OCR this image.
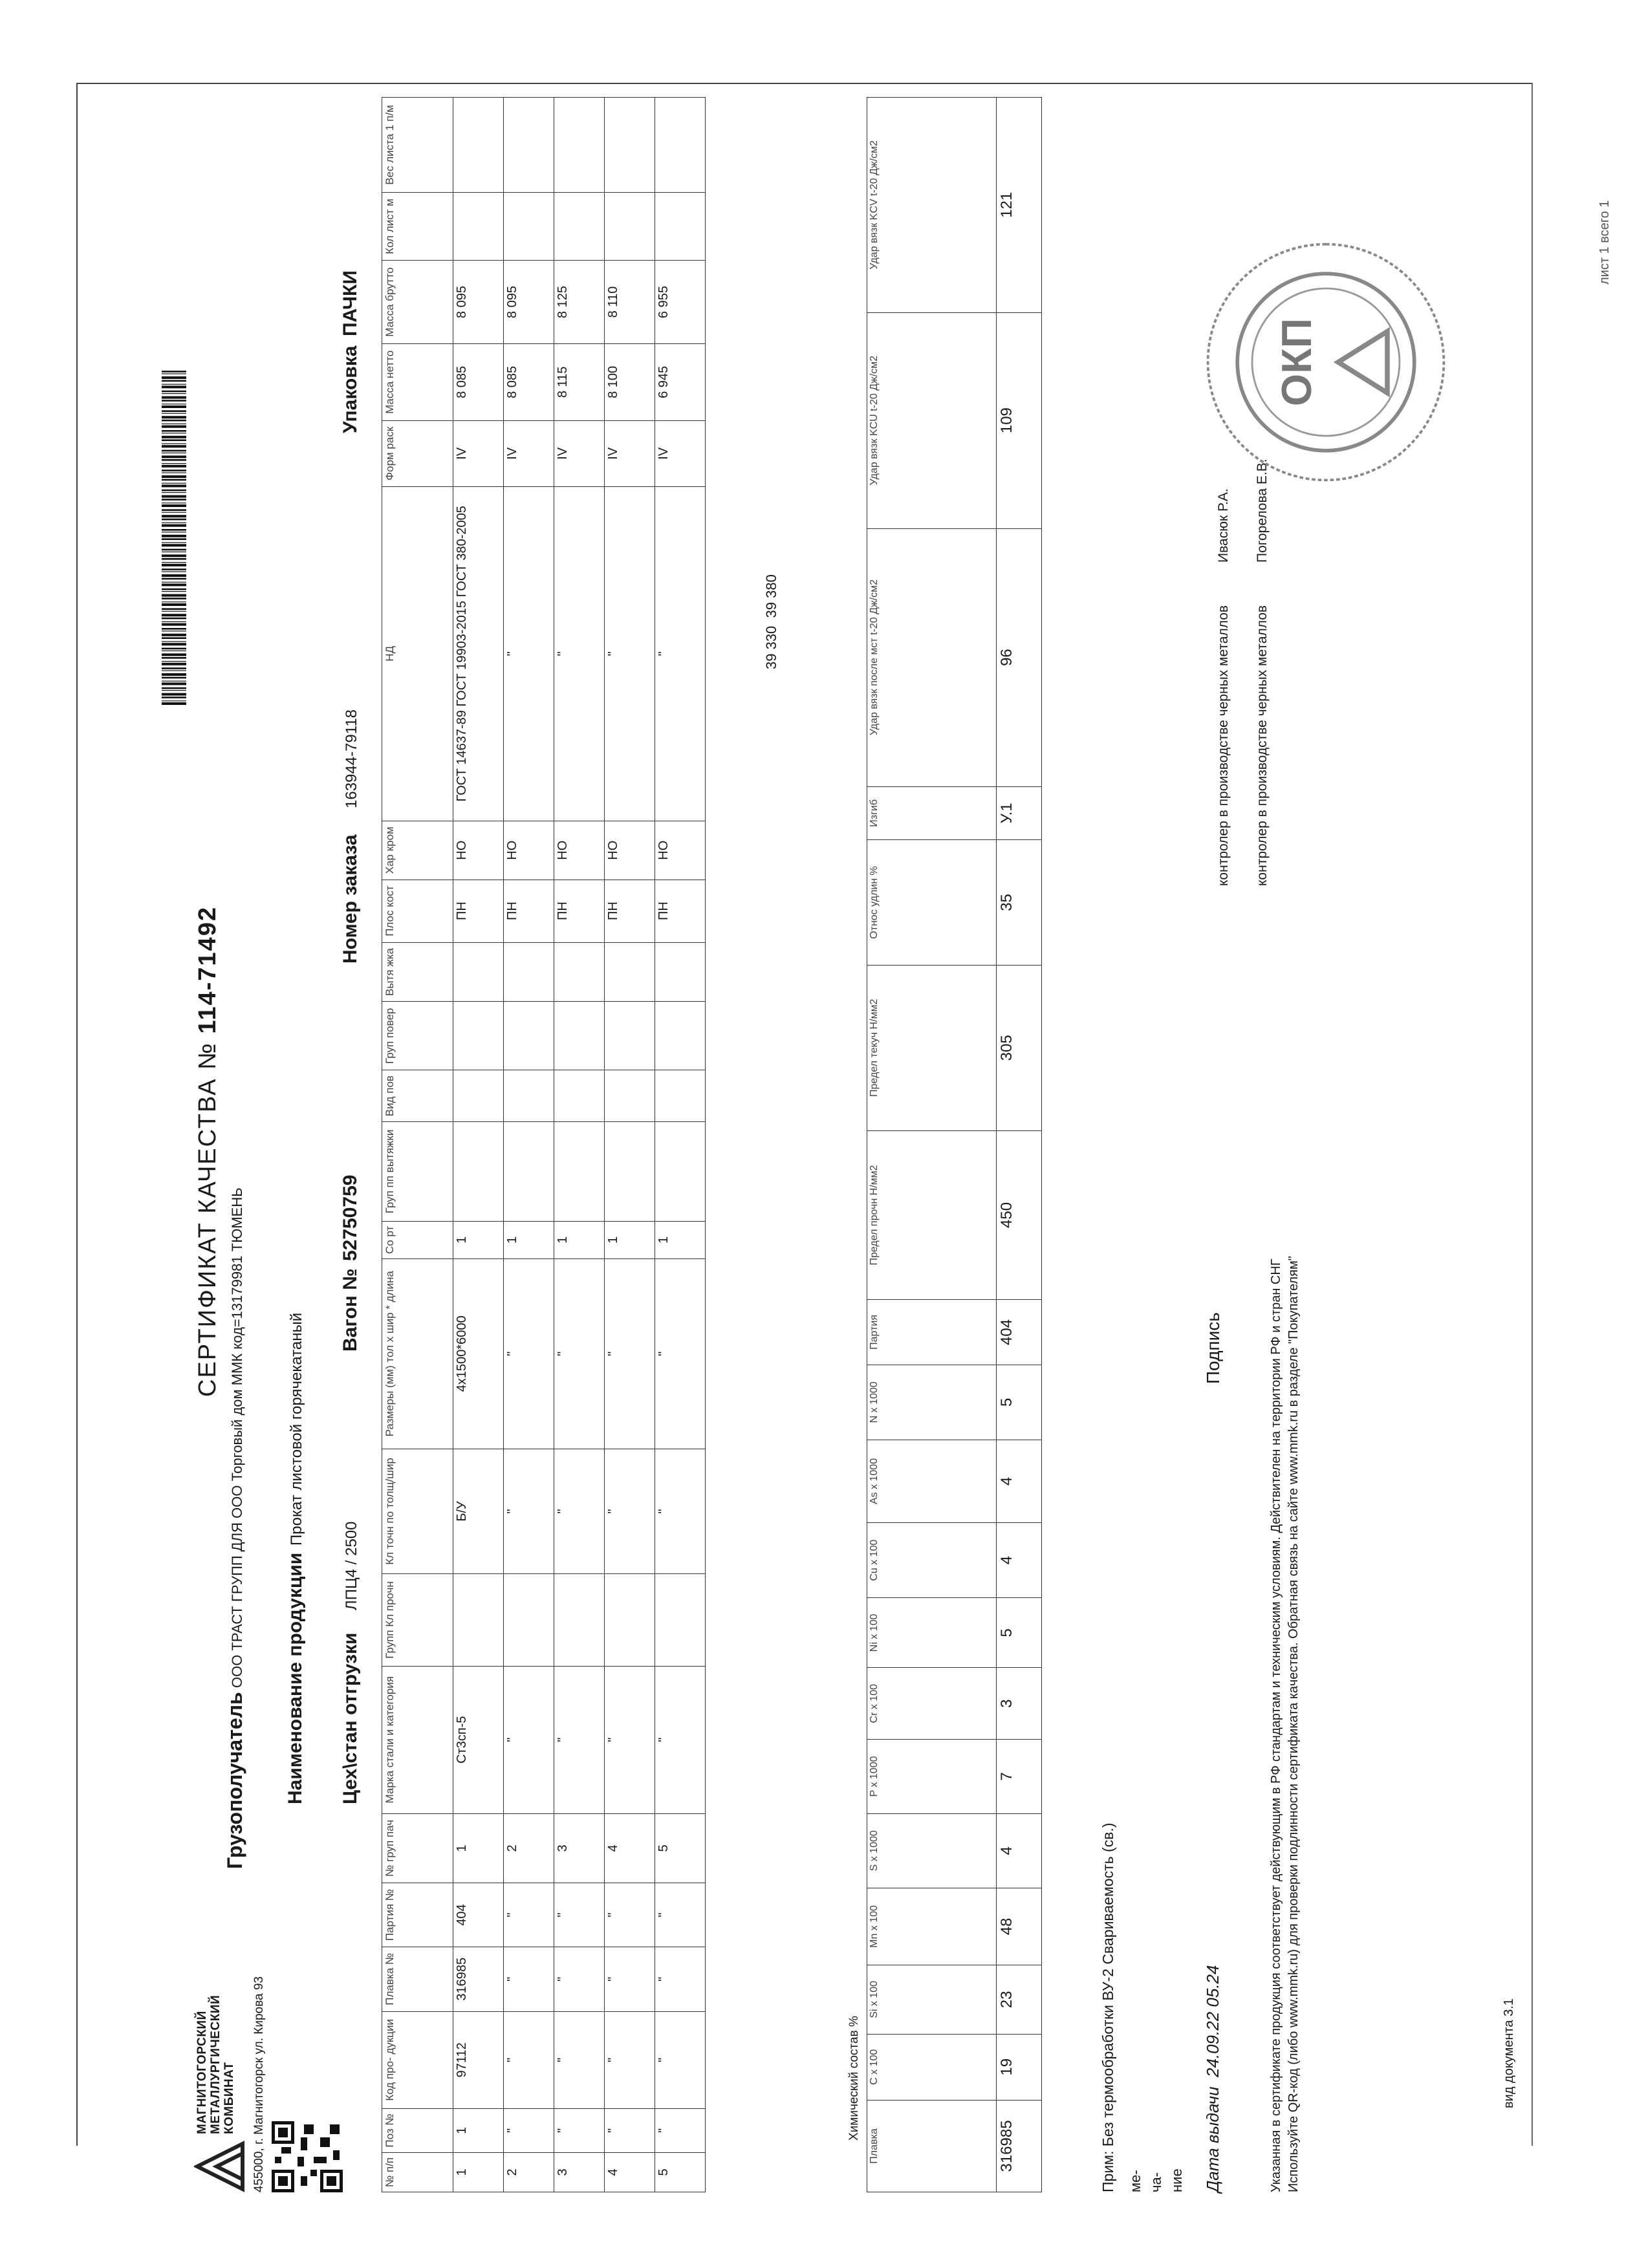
лист 1 всего 1
вид документа 3.1
МАГНИТОГОРСКИЙ МЕТАЛЛУРГИЧЕСКИЙ КОМБИНАТ 455000, г. Магнитогорск ул. Кирова 93
СЕРТИФИКАТ КАЧЕСТВА № 114-71492
Грузополучатель
ООО ТРАСТ ГРУПП ДЛЯ ООО Торговый дом ММК код=13179981 ТЮМЕНЬ Наименование продукции
Прокат листовой горячекатаный
Цех\стан отгрузки
ЛПЦ4 / 2500
Вагон №
52750759
Номер заказа
163944-79118
Упаковка
ПАЧКИ
№ п/п	Поз №	Код про- дукции	Плавка №	Партия №	№ груп пач	Марка стали и категория	Групп Кл прочн	Кл точн по толщ/шир	Размеры (мм) тол х шир * длина	Со рт	Груп пп вытяжки	Вид пов	Груп повер	Вытя жка	Плос кост	Хар кром	НД	Форм раск	Масса нетто	Масса брутто	Кол лист м	Вес листа 1 п/м
1	1	97112	316985	404	1	Ст3сп-5		Б/У	4х1500*6000	1					ПН	НО	ГОСТ 14637-89 ГОСТ 19903-2015 ГОСТ 380-2005	IV	8 085	8 095		
2	"	"	"	"	2	"		"	"	1					ПН	НО	"	IV	8 085	8 095		
3	"	"	"	"	3	"		"	"	1					ПН	НО	"	IV	8 115	8 125		
4	"	"	"	"	4	"		"	"	1					ПН	НО	"	IV	8 100	8 110		
5	"	"	"	"	5	"		"	"	1					ПН	НО	"	IV	6 945	6 955		
39 330  39 380
Химический состав %
Плавка	C x 100	Si x 100	Mn x 100	S x 1000	P x 1000	Cr x 100	Ni x 100	Cu x 100	As x 1000	N x 1000	Партия	Предел прочн Н/мм2	Предел текуч Н/мм2	Относ удлин %	Изгиб	Удар вязк после мст t-20 Дж/см2	Удар вязк KCU t-20 Дж/см2	Удар вязк KCV t-20 Дж/см2
316985	19	23	48	4	7	3	5	4	4	5	404	450	305	35	У.1	96	109	121
Прим: Без термообработки ВУ-2 Свариваемость (св.) ме- ча- ние Дата выдачи  24.09.22 05.24
Подпись	Указанная в сертификате продукция соответствует действующим в РФ стандартам и техническим условиям. Действителен на территории РФ и стран СНГ Используйте QR-код (либо www.mmk.ru) для проверки подлинности сертификата качества. Обратная связь на сайте www.mmk.ru в разделе "Покупателям"
контролер в производстве черных металлов
Ивасюк Р.А.
контролер в производстве черных металлов
Погорелова Е.В.
ОКП
